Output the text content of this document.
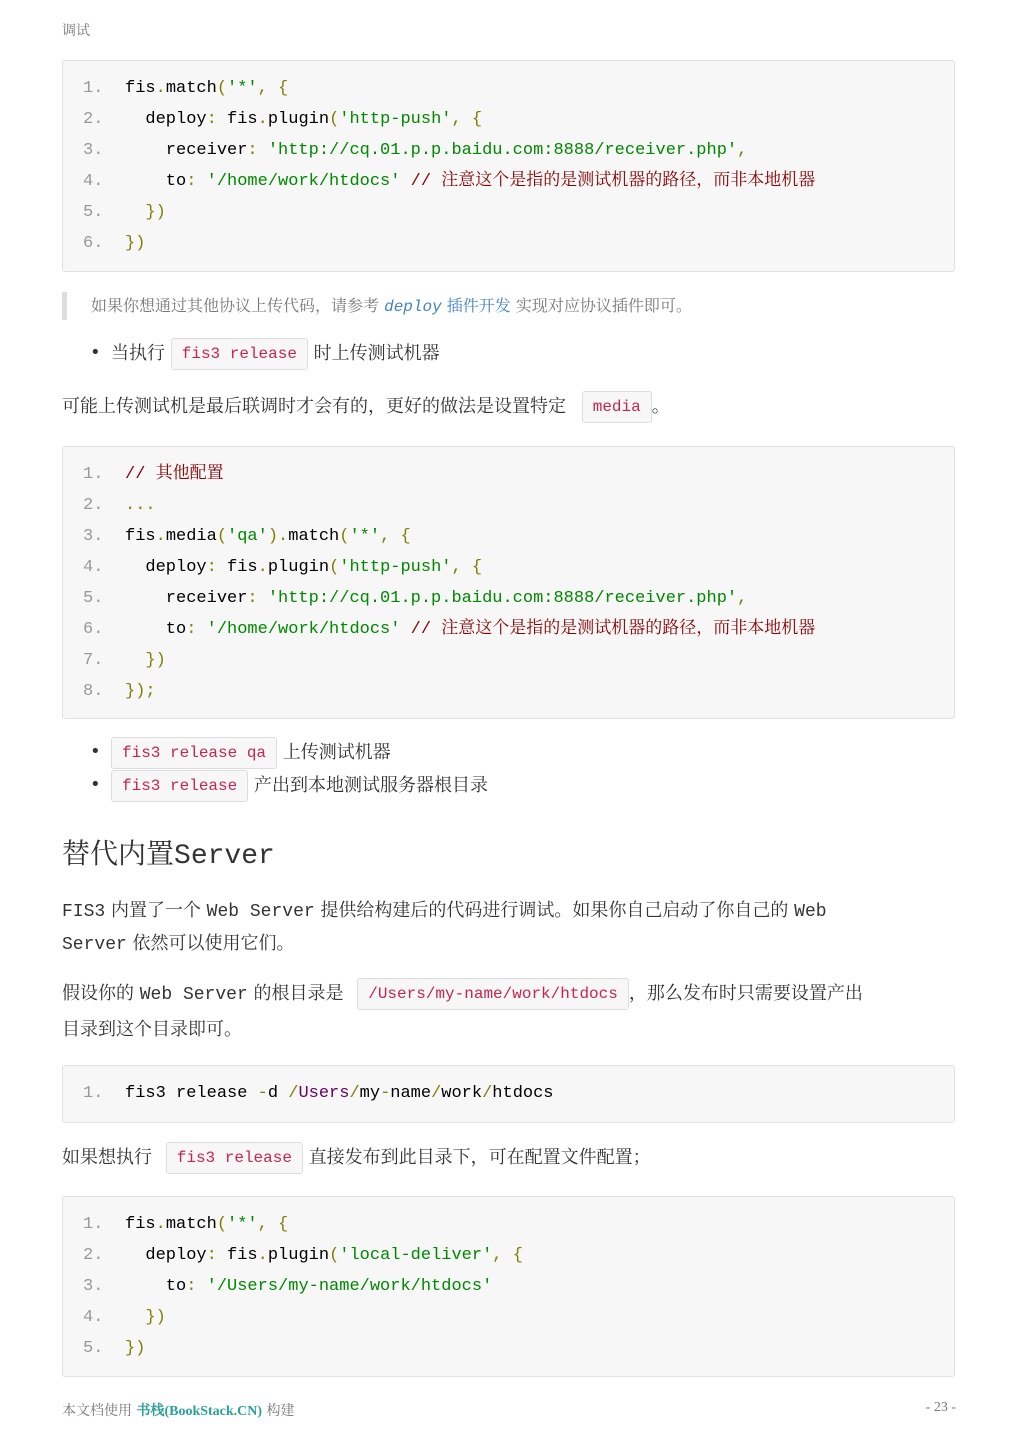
调试
1.	fis.match('*', {
2.	deploy: fis.plugin('http-push', {
3.	receiver: 'http://cq.01.p.p.baidu.com:8888/receiver.php',
4.	to: '/home/work/htdocs' // 注意这个是指的是测试机器的路径，而非本地机器
5.	})
6.	})
如果你想通过其他协议上传代码，请参考 deploy 插件开发 实现对应协议插件即可。
• 当执行 fis3 release 时上传测试机器
可能上传测试机是最后联调时才会有的，更好的做法是设置特定 media 。
1.	// 其他配置
2.	...
3.	fis.media('qa').match('*', {
4.	deploy: fis.plugin('http-push', {
5.	receiver: 'http://cq.01.p.p.baidu.com:8888/receiver.php',
6.	to: '/home/work/htdocs' // 注意这个是指的是测试机器的路径，而非本地机器
7.	})
8.	});
•	fis3 release qa 上传测试机器
•	fis3 release 产出到本地测试服务器根目录
替代内置Server
FIS3 内置了一个 Web Server 提供给构建后的代码进行调试。如果你自己启动了你自己的 Web
Server 依然可以使用它们。
假设你的 Web Server 的根目录是 /Users/my-name/work/htdocs ，那么发布时只需要设置产出
目录到这个目录即可。
1.	fis3 release -d /Users/my-name/work/htdocs
如果想执行 fis3 release 直接发布到此目录下，可在配置文件配置；
1.	fis.match('*', {
2.	deploy: fis.plugin('local-deliver', {
3.	to: '/Users/my-name/work/htdocs'
4.	})
5.	})
本文档使用 书栈(BookStack.CN) 构建	- 23 -
